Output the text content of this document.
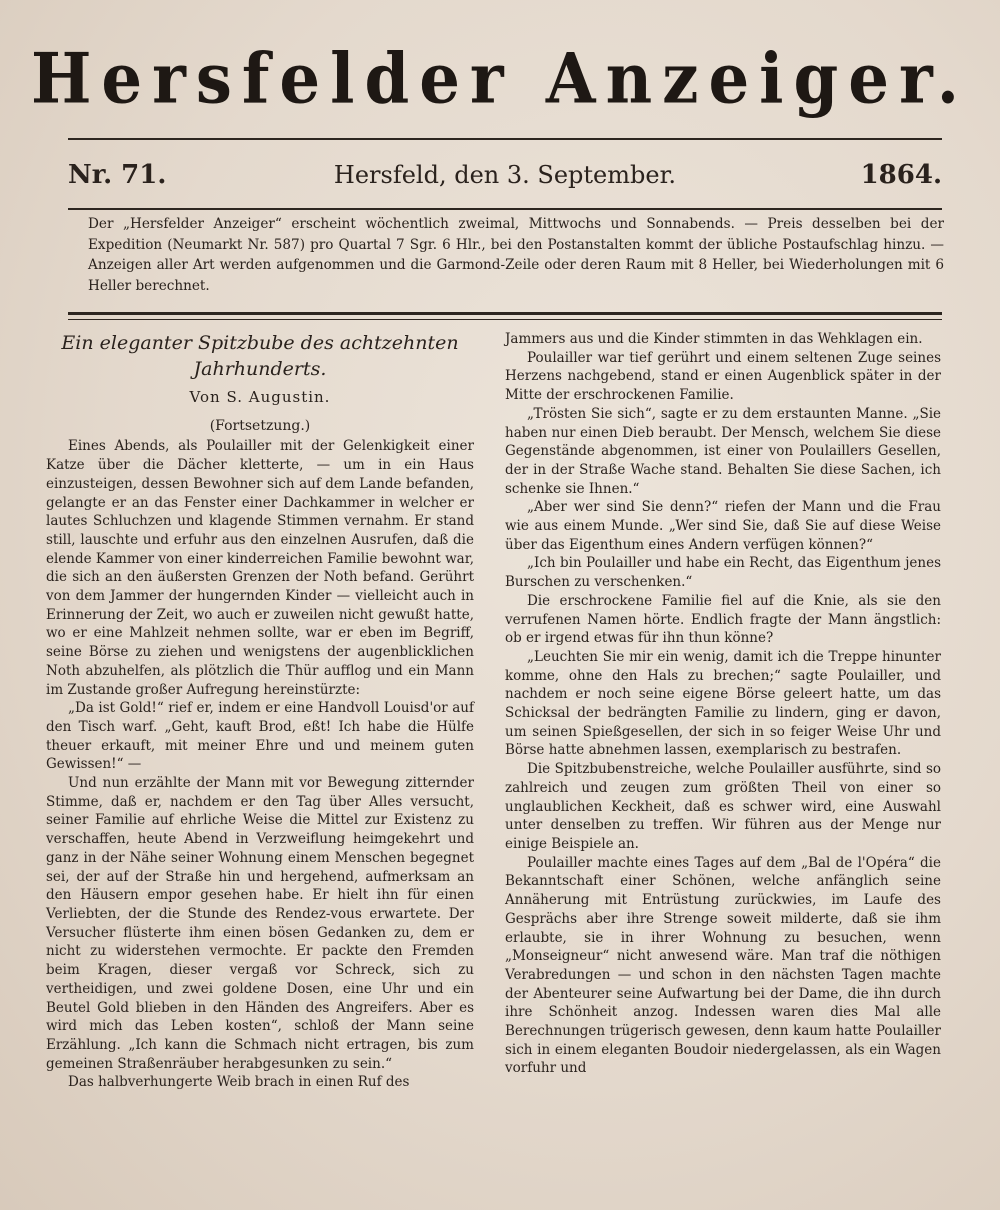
Hersfelder Anzeiger.
Hersfeld, den 3. September.
Nr. 71.	1864.
Der „Hersfelder Anzeiger“ erscheint wöchentlich zweimal, Mittwochs und Sonnabends. — Preis desselben bei der Expedition (Neumarkt Nr. 587) pro Quartal 7 Sgr. 6 Hlr., bei den Postanstalten kommt der übliche Postaufschlag hinzu. — Anzeigen aller Art werden aufgenommen und die Garmond-Zeile oder deren Raum mit 8 Heller, bei Wiederholungen mit 6 Heller berechnet.
Ein eleganter Spitzbube des achtzehnten Jahrhunderts.
Von S. Augustin.
(Fortsetzung.)

Eines Abends, als Poulailler mit der Gelenkigkeit einer Katze über die Dächer kletterte, — um in ein Haus einzusteigen, dessen Bewohner sich auf dem Lande befanden, gelangte er an das Fenster einer Dachkammer in welcher er lautes Schluchzen und klagende Stimmen vernahm. Er stand still, lauschte und erfuhr aus den einzelnen Ausrufen, daß die elende Kammer von einer kinderreichen Familie bewohnt war, die sich an den äußersten Grenzen der Noth befand. Gerührt von dem Jammer der hungernden Kinder — vielleicht auch in Erinnerung der Zeit, wo auch er zuweilen nicht gewußt hatte, wo er eine Mahlzeit nehmen sollte, war er eben im Begriff, seine Börse zu ziehen und wenigstens der augenblicklichen Noth abzuhelfen, als plötzlich die Thür aufflog und ein Mann im Zustande großer Aufregung hereinstürzte:

„Da ist Gold!“ rief er, indem er eine Handvoll Louisd'or auf den Tisch warf. „Geht, kauft Brod, eßt! Ich habe die Hülfe theuer erkauft, mit meiner Ehre und und meinem guten Gewissen!“ —

Und nun erzählte der Mann mit vor Bewegung zitternder Stimme, daß er, nachdem er den Tag über Alles versucht, seiner Familie auf ehrliche Weise die Mittel zur Existenz zu verschaffen, heute Abend in Verzweiflung heimgekehrt und ganz in der Nähe seiner Wohnung einem Menschen begegnet sei, der auf der Straße hin und hergehend, aufmerksam an den Häusern empor gesehen habe. Er hielt ihn für einen Verliebten, der die Stunde des Rendez-vous erwartete. Der Versucher flüsterte ihm einen bösen Gedanken zu, dem er nicht zu widerstehen vermochte. Er packte den Fremden beim Kragen, dieser vergaß vor Schreck, sich zu vertheidigen, und zwei goldene Dosen, eine Uhr und ein Beutel Gold blieben in den Händen des Angreifers. Aber es wird mich das Leben kosten“, schloß der Mann seine Erzählung. „Ich kann die Schmach nicht ertragen, bis zum gemeinen Straßenräuber herabgesunken zu sein.“

Das halbverhungerte Weib brach in einen Ruf des

Jammers aus und die Kinder stimmten in das Wehklagen ein.

Poulailler war tief gerührt und einem seltenen Zuge seines Herzens nachgebend, stand er einen Augenblick später in der Mitte der erschrockenen Familie.

„Trösten Sie sich“, sagte er zu dem erstaunten Manne. „Sie haben nur einen Dieb beraubt. Der Mensch, welchem Sie diese Gegenstände abgenommen, ist einer von Poulaillers Gesellen, der in der Straße Wache stand. Behalten Sie diese Sachen, ich schenke sie Ihnen.“

„Aber wer sind Sie denn?“ riefen der Mann und die Frau wie aus einem Munde. „Wer sind Sie, daß Sie auf diese Weise über das Eigenthum eines Andern verfügen können?“

„Ich bin Poulailler und habe ein Recht, das Eigenthum jenes Burschen zu verschenken.“

Die erschrockene Familie fiel auf die Knie, als sie den verrufenen Namen hörte. Endlich fragte der Mann ängstlich: ob er irgend etwas für ihn thun könne?

„Leuchten Sie mir ein wenig, damit ich die Treppe hinunter komme, ohne den Hals zu brechen;“ sagte Poulailler, und nachdem er noch seine eigene Börse geleert hatte, um das Schicksal der bedrängten Familie zu lindern, ging er davon, um seinen Spießgesellen, der sich in so feiger Weise Uhr und Börse hatte abnehmen lassen, exemplarisch zu bestrafen.

Die Spitzbubenstreiche, welche Poulailler ausführte, sind so zahlreich und zeugen zum größten Theil von einer so unglaublichen Keckheit, daß es schwer wird, eine Auswahl unter denselben zu treffen. Wir führen aus der Menge nur einige Beispiele an.

Poulailler machte eines Tages auf dem „Bal de l'Opéra“ die Bekanntschaft einer Schönen, welche anfänglich seine Annäherung mit Entrüstung zurückwies, im Laufe des Gesprächs aber ihre Strenge soweit milderte, daß sie ihm erlaubte, sie in ihrer Wohnung zu besuchen, wenn „Monseigneur“ nicht anwesend wäre. Man traf die nöthigen Verabredungen — und schon in den nächsten Tagen machte der Abenteurer seine Aufwartung bei der Dame, die ihn durch ihre Schönheit anzog. Indessen waren dies Mal alle Berechnungen trügerisch gewesen, denn kaum hatte Poulailler sich in einem eleganten Boudoir niedergelassen, als ein Wagen vorfuhr und
